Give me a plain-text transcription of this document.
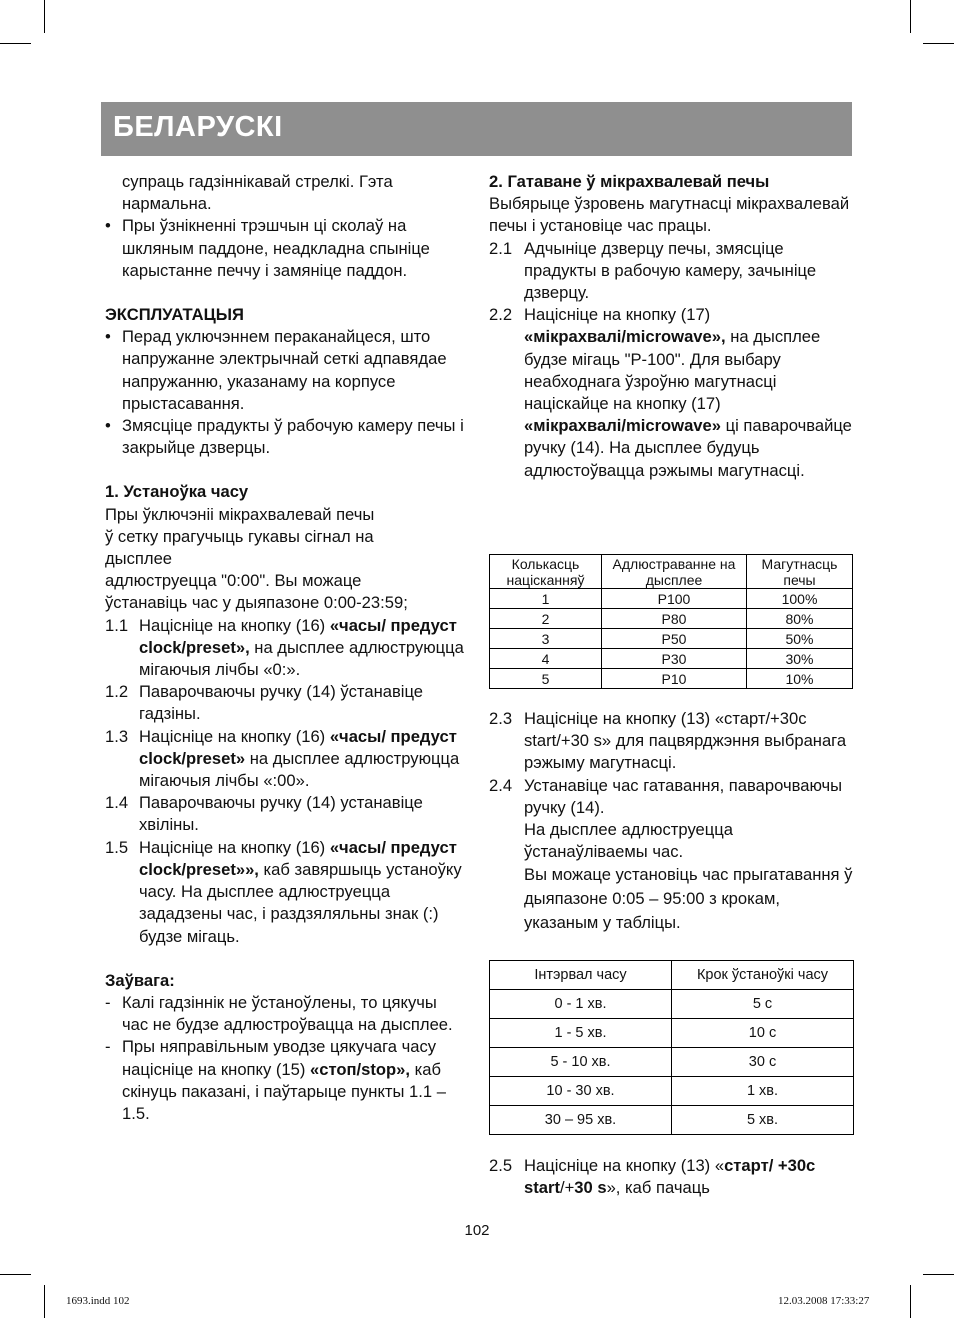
БЕЛАРУСКІ

супраць гадзіннікавай стрелкі. Гэта

нармальна.

• Пры ўзнікненні трэшчын ці сколаў на шкляным паддоне, неадкладна спыніце карыстанне печчу і замяніце паддон.

ЭКСПЛУАТАЦЫЯ

• Перад уключэннем пераканайцеся, што напружанне электрычнай сеткі адпавядае напружанню, указанаму на корпусе прыстасавання.

• Змясціце прадукты ў рабочую камеру печы і закрыйце дзверцы.

1. Устаноўка часу

Пры ўключэніі мікрахвалевай печы

ў сетку прагучыць гукавы сігнал на

дысплее

адлюструецца "0:00". Вы можаце

ўстанавіць час у дыяпазоне 0:00-23:59;

1.1 Націсніце на кнопку (16) «часы/ предуст clock/preset», на дысплее адлюструюцца мігаючыя лічбы «0:».

1.2 Паварочваючы ручку (14) ўстанавіце гадзіны.

1.3 Націсніце на кнопку (16) «часы/ предуст clock/preset» на дысплее адлюструюцца мігаючыя лічбы «:00».

1.4 Паварочваючы ручку (14) устанавіце хвіліны.

1.5 Націсніце на кнопку (16) «часы/ предуст clock/preset»», каб завяршыць устаноўку часу. На дысплее адлюструецца зададзены час, і раздзяляльны знак (:) будзе мігаць.

Заўвага:

- Калі гадзіннік не ўстаноўлены, то цякучы час не будзе адлюстроўвацца на дысплее.

- Пры няправільным уводзе цякучага часу націсніце на кнопку (15) «стоп/stop», каб скінуць паказані, і паўтарыце пункты 1.1 – 1.5.

2. Гатаване ў мікрахвалевай печы

Выбярыце ўзровень магутнасці мікрахвалевай печы і установіце час працы.

2.1 Адчыніце дзверцу печы, змясціце прадукты в рабочую камеру, зачыніце дзверцу.

2.2 Націсніце на кнопку (17) «мікрахвалі/microwave», на дысплее будзе мігаць "Р-100". Для выбару неабходнага ўзроўню магутнасці націскайце на кнопку (17) «мікрахвалі/microwave» ці паварочвайце ручку (14). На дысплее будуць адлюстоўвацца рэжымы магутнасці.

Колькасць націсканняў	Адлюстраванне на дысплее	Магутнасць печы
1	P100	100%
2	P80	80%
3	P50	50%
4	P30	30%
5	P10	10%

2.3 Націсніце на кнопку (13) «старт/+30с start/+30 s» для пацвярджэння выбранага рэжыму магутнасці.

2.4 Устанавіце час гатавання, паварочваючы ручку (14).

На дысплее адлюструецца ўстанаўліваемы час.

Вы можаце установіць час прыгатавання ў дыяпазоне 0:05 – 95:00 з крокам, указаным у табліцы.

Інтэрвал часу	Крок ўстаноўкі часу
0 - 1 хв.	5 с
1 - 5 хв.	10 с
5 - 10 хв.	30 с
10 - 30 хв.	1 хв.
30 – 95 хв.	5 хв.

2.5 Націсніце на кнопку (13) «старт/ +30с start/+30 s», каб пачаць

102
1693.indd 102	12.03.2008 17:33:27
